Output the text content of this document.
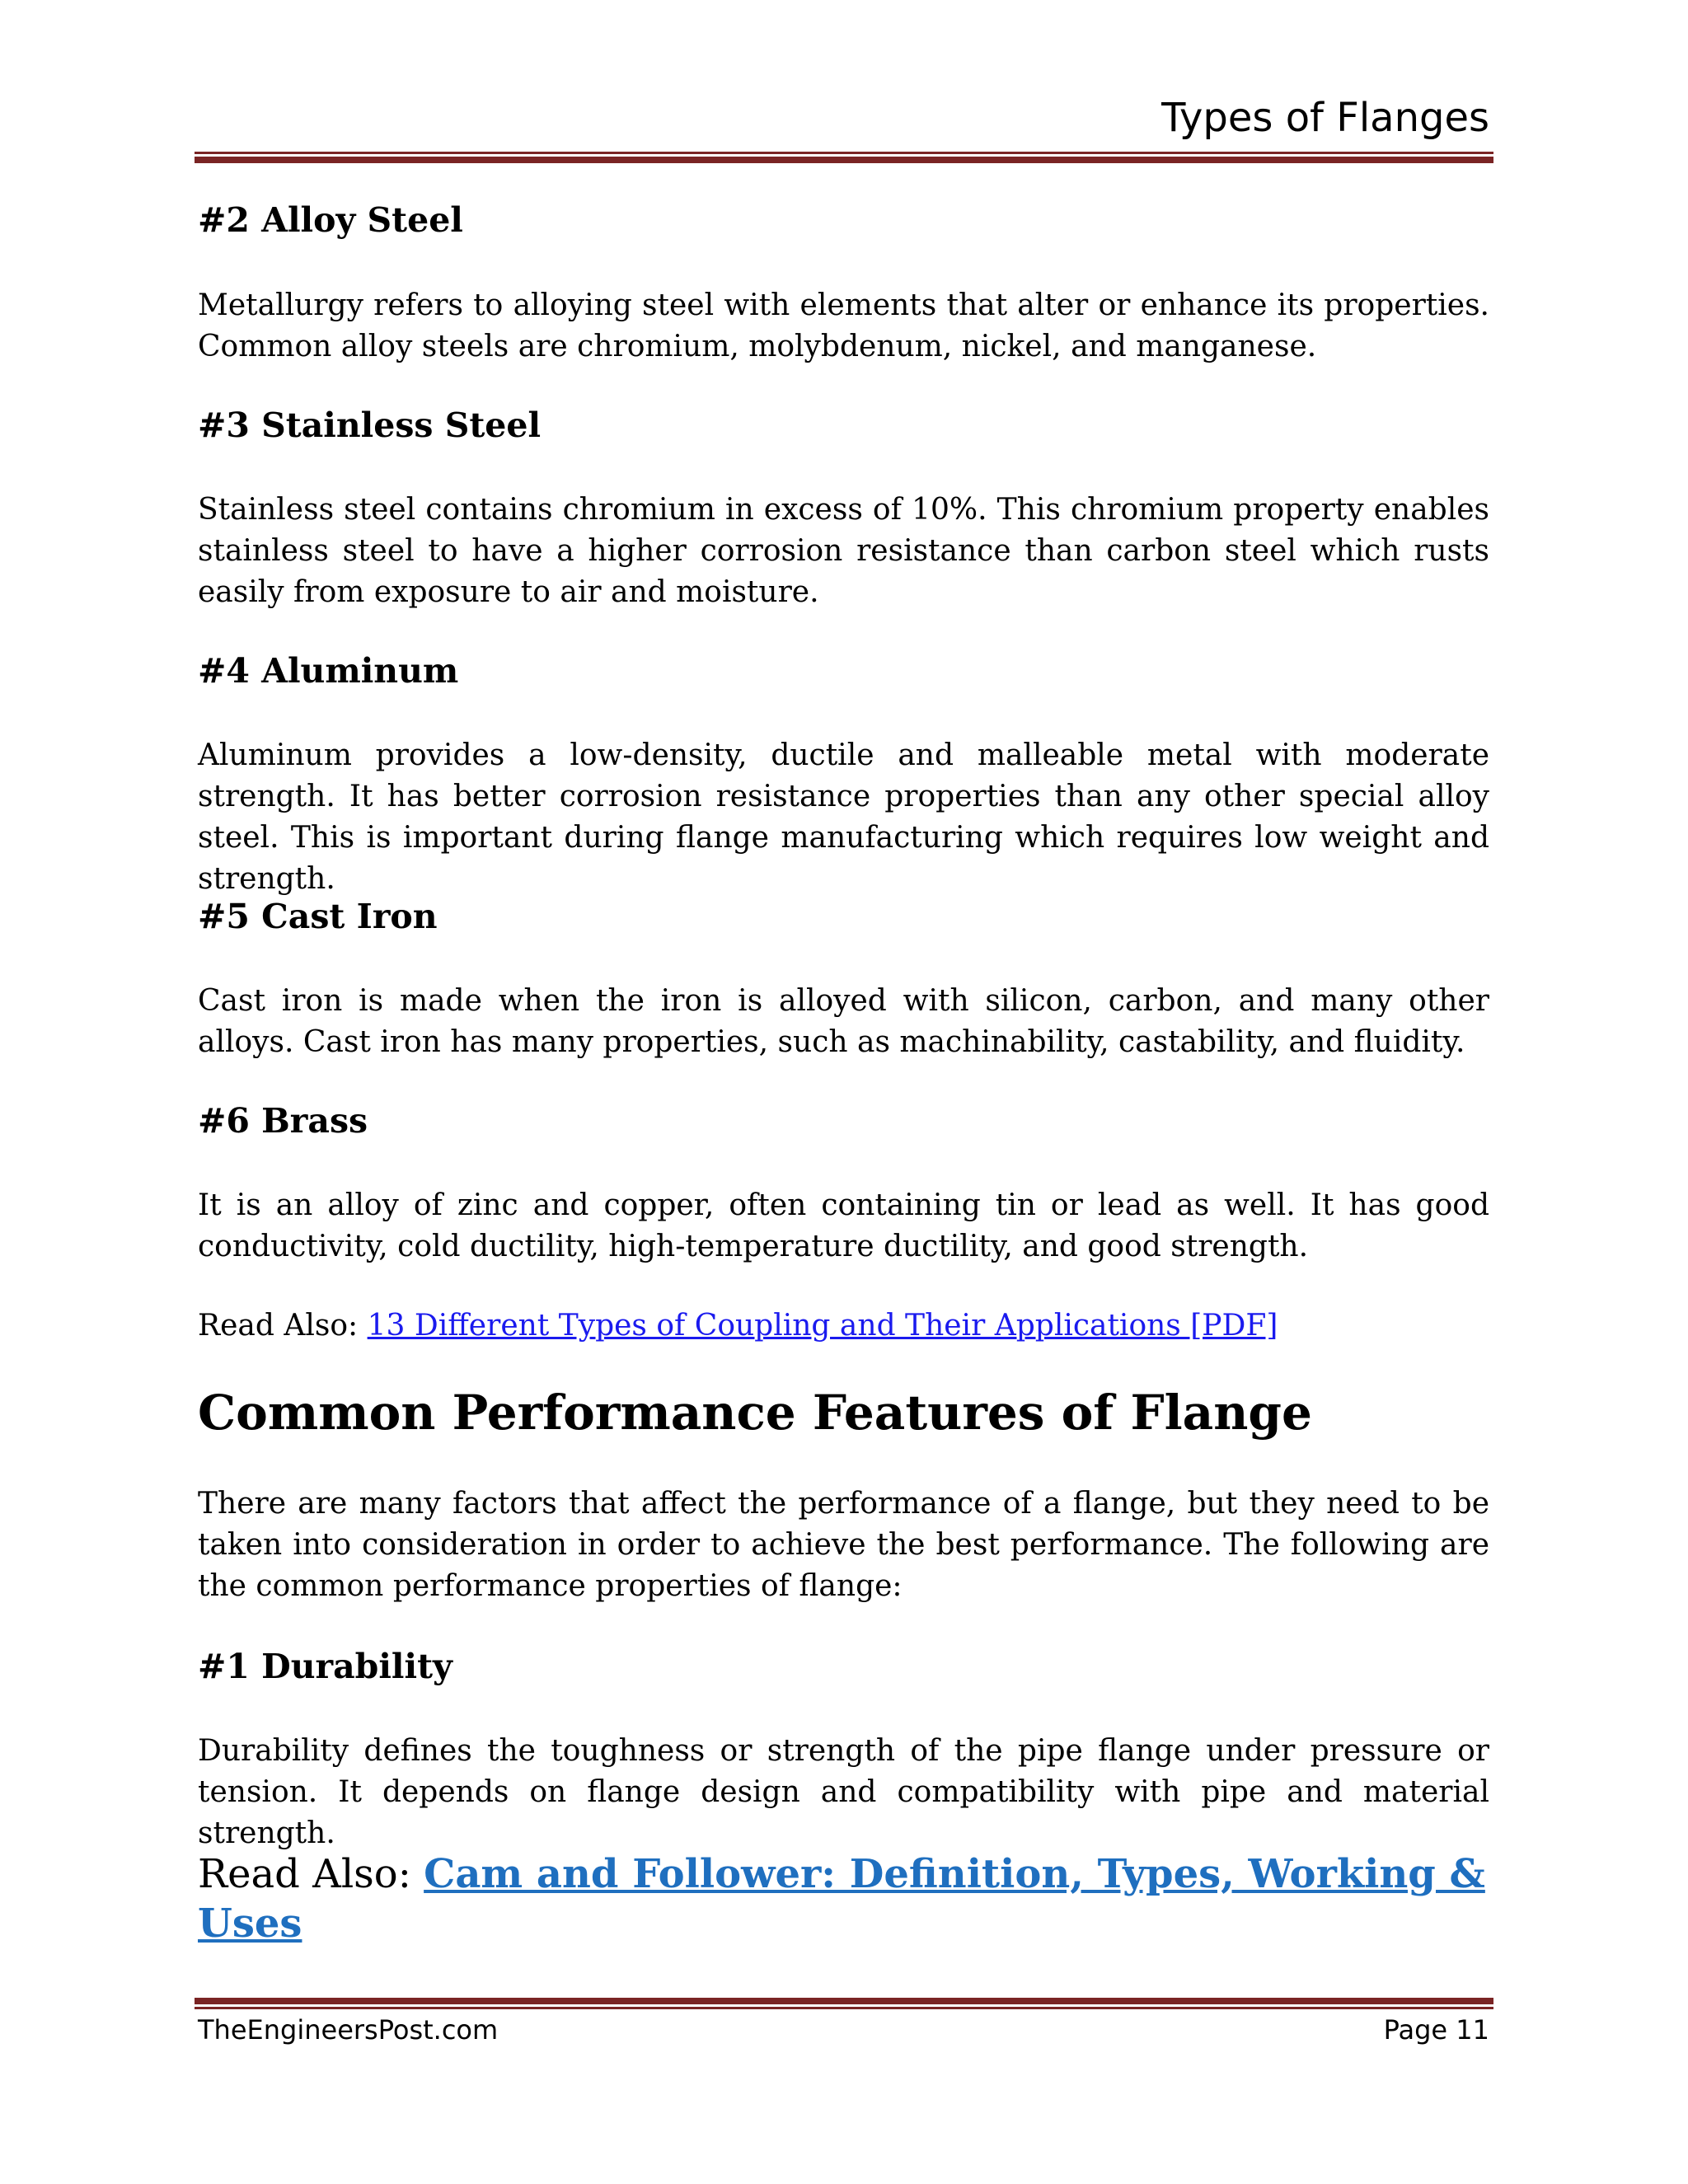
Types of Flanges
#2 Alloy Steel

Metallurgy refers to alloying steel with elements that alter or enhance its properties. Common alloy steels are chromium, molybdenum, nickel, and manganese.

#3 Stainless Steel

Stainless steel contains chromium in excess of 10%. This chromium property enables stainless steel to have a higher corrosion resistance than carbon steel which rusts easily from exposure to air and moisture.

#4 Aluminum

Aluminum provides a low-density, ductile and malleable metal with moderate strength. It has better corrosion resistance properties than any other special alloy steel. This is important during flange manufacturing which requires low weight and strength.

#5 Cast Iron

Cast iron is made when the iron is alloyed with silicon, carbon, and many other alloys. Cast iron has many properties, such as machinability, castability, and fluidity.

#6 Brass

It is an alloy of zinc and copper, often containing tin or lead as well. It has good conductivity, cold ductility, high-temperature ductility, and good strength.

Read Also: 13 Different Types of Coupling and Their Applications [PDF]

Common Performance Features of Flange

There are many factors that affect the performance of a flange, but they need to be taken into consideration in order to achieve the best performance. The following are the common performance properties of flange:

#1 Durability

Durability defines the toughness or strength of the pipe flange under pressure or tension. It depends on flange design and compatibility with pipe and material strength.

Read Also: Cam and Follower: Definition, Types, Working & Uses

TheEngineersPost.com	Page 11
